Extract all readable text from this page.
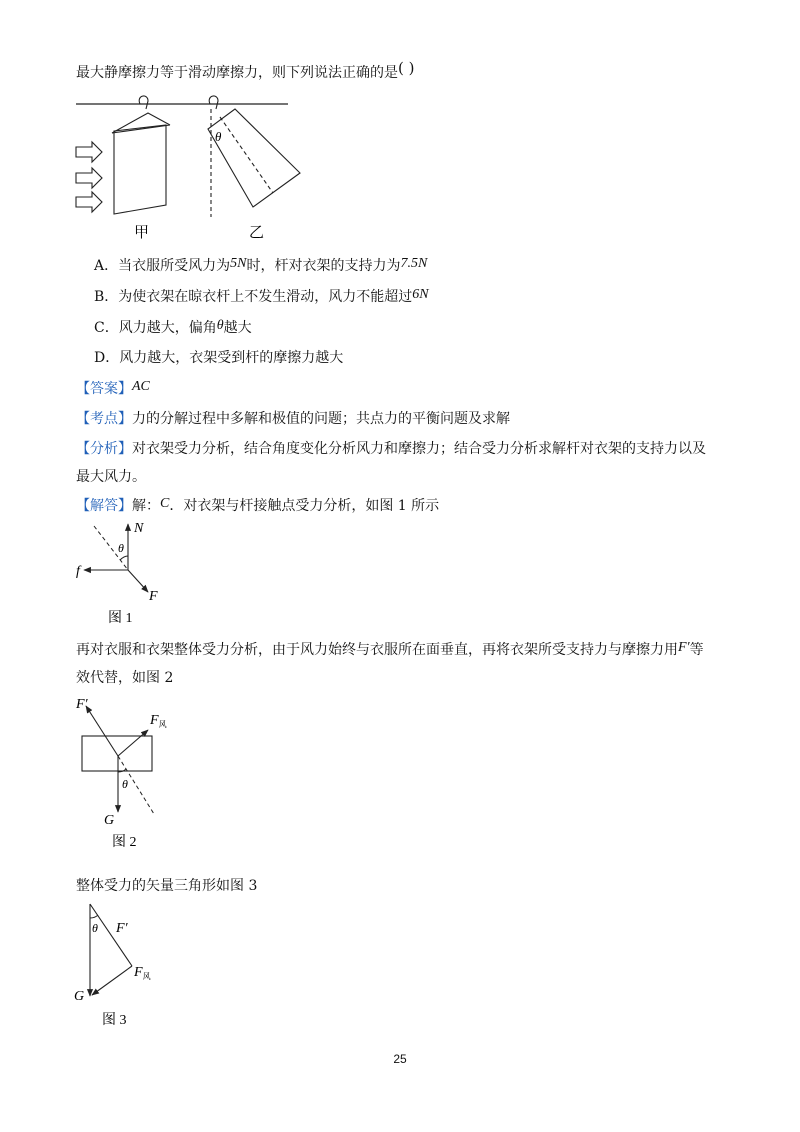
最大静摩擦力等于滑动摩擦力，则下列说法正确的是( )
θ
甲	乙
A．当衣服所受风力为5N时，杆对衣架的支持力为7.5N
B．为使衣架在晾衣杆上不发生滑动，风力不能超过6N
C．风力越大，偏角θ越大
D．风力越大，衣架受到杆的摩擦力越大
【答案】AC
【考点】力的分解过程中多解和极值的问题；共点力的平衡问题及求解
【分析】对衣架受力分析，结合角度变化分析风力和摩擦力；结合受力分析求解杆对衣架的支持力以及
最大风力。
【解答】解：C．对衣架与杆接触点受力分析，如图 1 所示
N
f
F
θ
图 1
再对衣服和衣架整体受力分析，由于风力始终与衣服所在面垂直，再将衣架所受支持力与摩擦力用F′等
效代替，如图 2
F′
$F_风$
θ
G
图 2
整体受力的矢量三角形如图 3
θ F′
$F_风$
G
图 3
25
